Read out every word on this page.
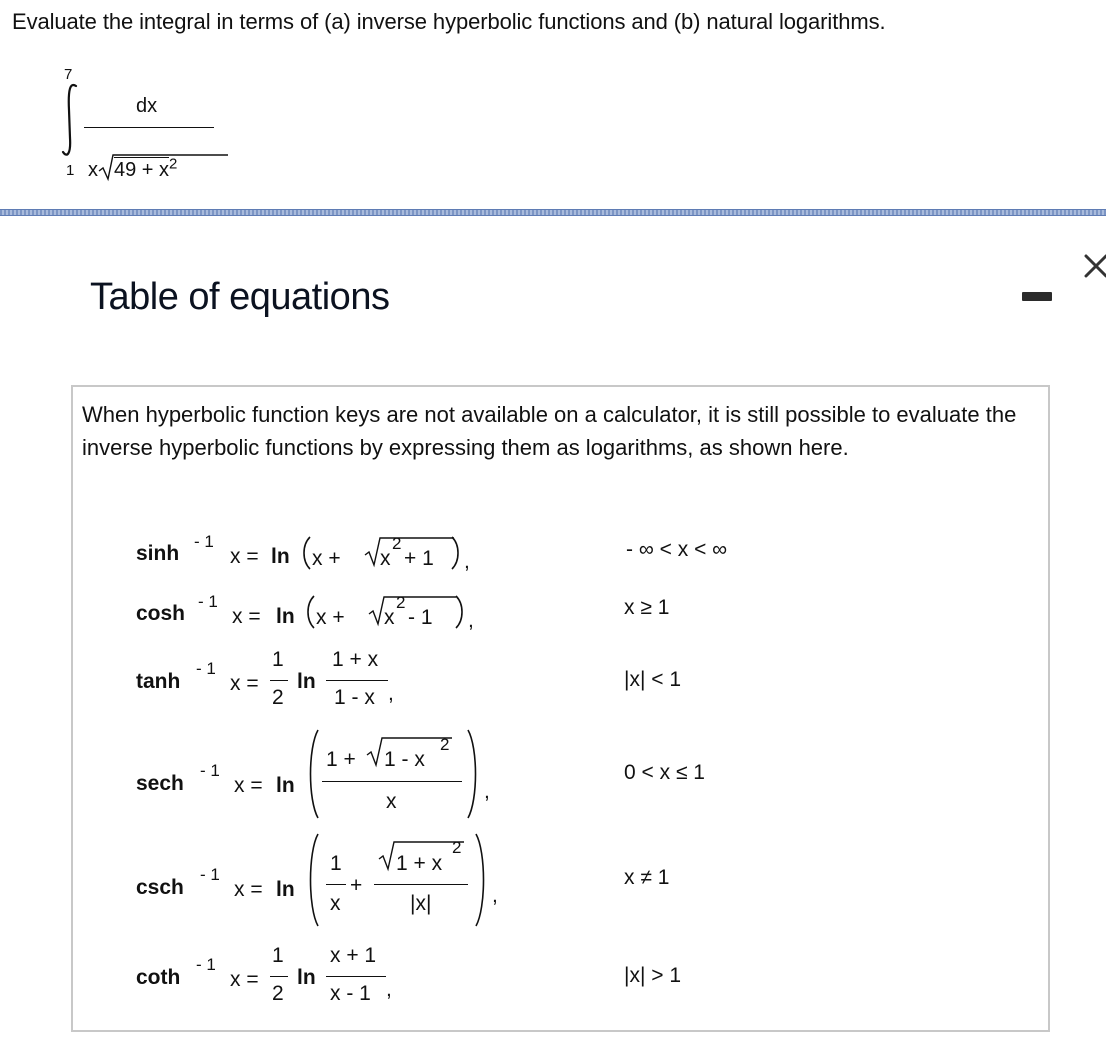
Evaluate the integral in terms of (a) inverse hyperbolic functions and (b) natural logarithms.
7
1
dx
x $49 + x^2$
Table of equations
When hyperbolic function keys are not available on a calculator, it is still possible to evaluate the inverse hyperbolic functions by expressing them as logarithms, as shown here.
sinh
- 1
x = ln x + x
2
+ 1 ,
- ∞ < x < ∞
cosh
- 1
x = ln x + x
2
- 1 ,
x ≥ 1
tanh
- 1
x =
1
2
ln
1 + x
1 - x ,
|x| < 1
sech
- 1
x = ln
1 + 1 - x
2
x	,
0 < x ≤ 1
csch
- 1
x = ln
1
x
+
1 + x
2
|x|	,
x ≠ 1
coth
- 1
x =
1
2
ln
x + 1
x - 1 ,
|x| > 1
